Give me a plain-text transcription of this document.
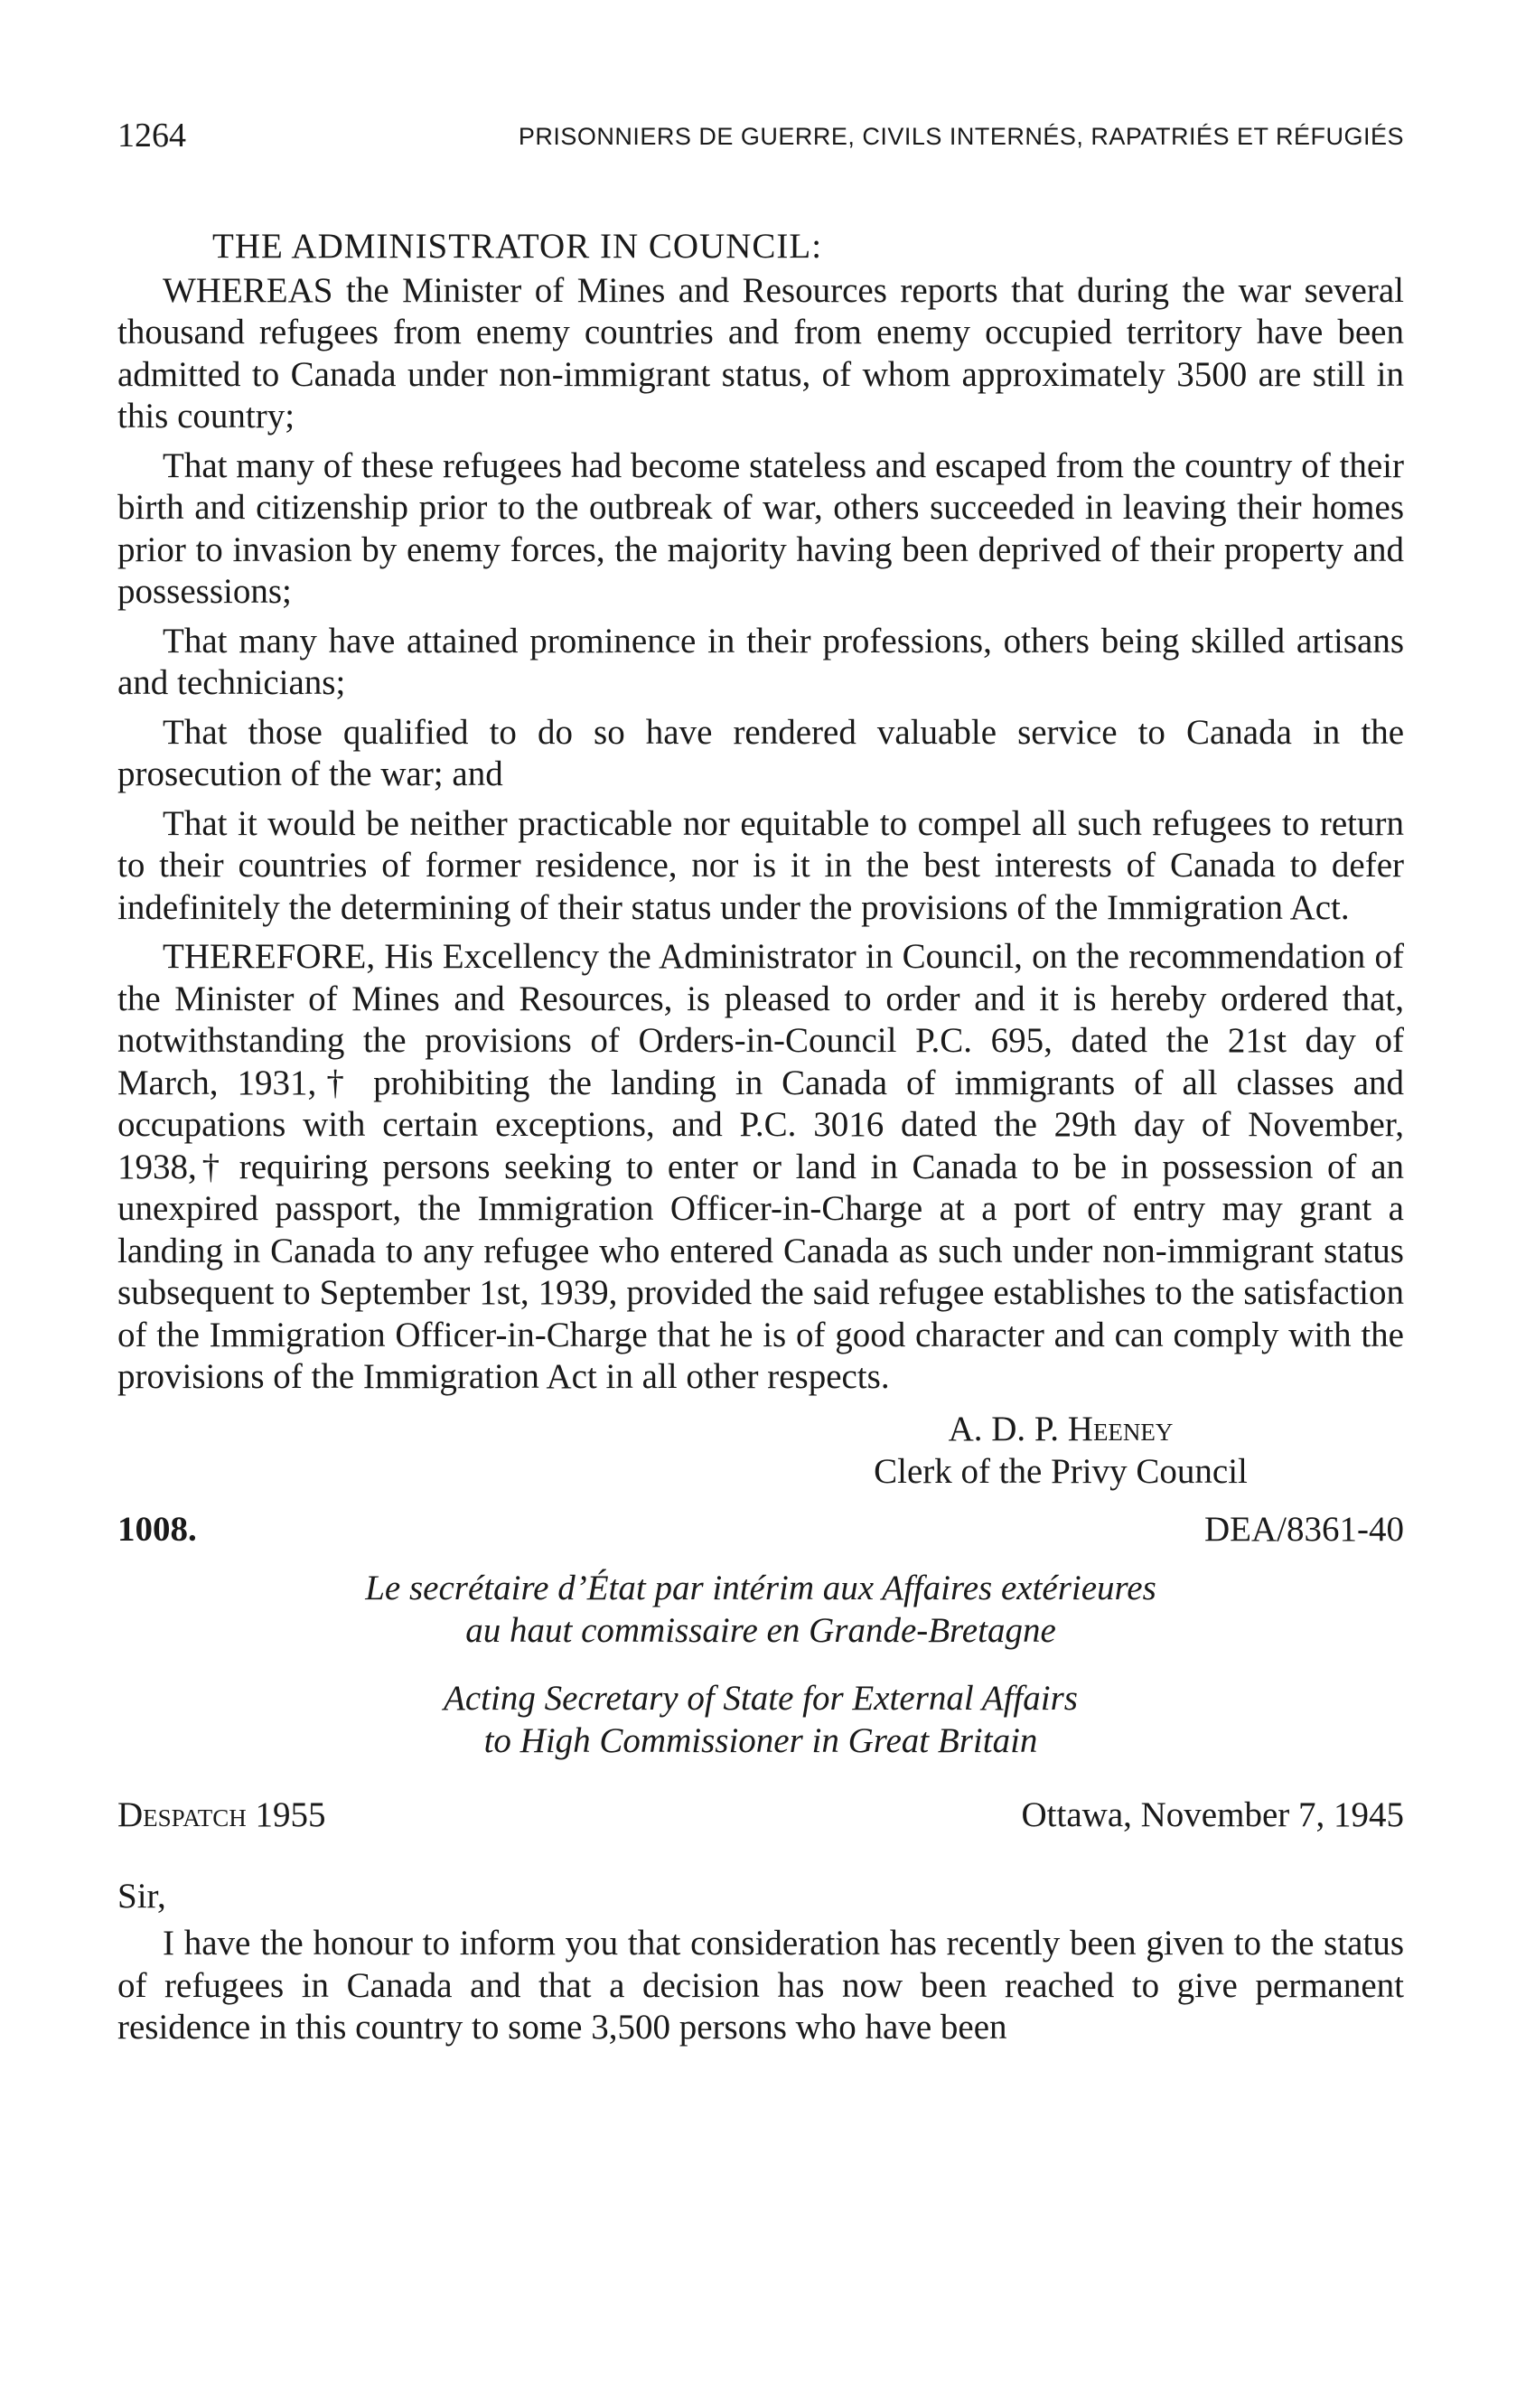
1264	PRISONNIERS DE GUERRE, CIVILS INTERNÉS, RAPATRIÉS ET RÉFUGIÉS
THE ADMINISTRATOR IN COUNCIL:

WHEREAS the Minister of Mines and Resources reports that during the war several thousand refugees from enemy countries and from enemy occupied territory have been admitted to Canada under non-immigrant status, of whom approximately 3500 are still in this country;

That many of these refugees had become stateless and escaped from the country of their birth and citizenship prior to the outbreak of war, others succeeded in leaving their homes prior to invasion by enemy forces, the majority having been deprived of their property and possessions;

That many have attained prominence in their professions, others being skilled artisans and technicians;

That those qualified to do so have rendered valuable service to Canada in the prosecution of the war; and

That it would be neither practicable nor equitable to compel all such refugees to return to their countries of former residence, nor is it in the best interests of Canada to defer indefinitely the determining of their status under the provisions of the Immigration Act.

THEREFORE, His Excellency the Administrator in Council, on the recommendation of the Minister of Mines and Resources, is pleased to order and it is hereby ordered that, notwithstanding the provisions of Orders-in-Council P.C. 695, dated the 21st day of March, 1931,† prohibiting the landing in Canada of immigrants of all classes and occupations with certain exceptions, and P.C. 3016 dated the 29th day of November, 1938,† requiring persons seeking to enter or land in Canada to be in possession of an unexpired passport, the Immigration Officer-in-Charge at a port of entry may grant a landing in Canada to any refugee who entered Canada as such under non-immigrant status subsequent to September 1st, 1939, provided the said refugee establishes to the satisfaction of the Immigration Officer-in-Charge that he is of good character and can comply with the provisions of the Immigration Act in all other respects.

A. D. P. Heeney
Clerk of the Privy Council
1008.	DEA/8361-40
Le secrétaire d’État par intérim aux Affaires extérieures
au haut commissaire en Grande-Bretagne
Acting Secretary of State for External Affairs
to High Commissioner in Great Britain
Despatch 1955	Ottawa, November 7, 1945
Sir,

I have the honour to inform you that consideration has recently been given to the status of refugees in Canada and that a decision has now been reached to give permanent residence in this country to some 3,500 persons who have been
